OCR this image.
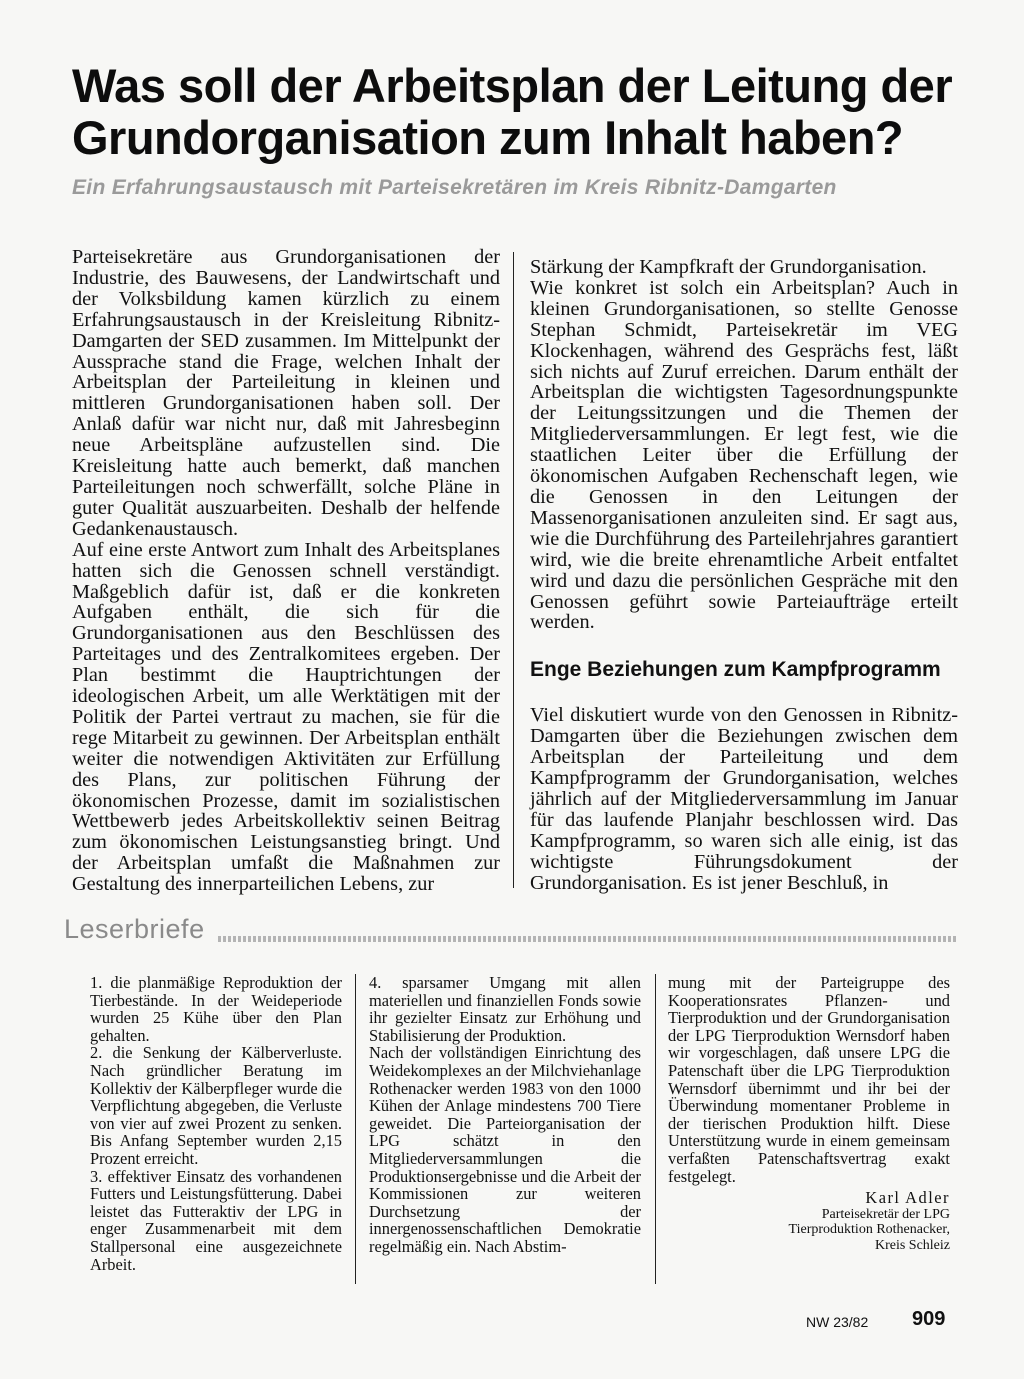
Was soll der Arbeitsplan der Leitung der Grundorganisation zum Inhalt haben?
Ein Erfahrungsaustausch mit Parteisekretären im Kreis Ribnitz-Damgarten

Parteisekretäre aus Grundorganisationen der Industrie, des Bauwesens, der Landwirtschaft und der Volksbildung kamen kürzlich zu einem Erfahrungsaustausch in der Kreisleitung Ribnitz-Damgarten der SED zusammen. Im Mittelpunkt der Aussprache stand die Frage, welchen Inhalt der Arbeitsplan der Parteileitung in kleinen und mittleren Grundorganisationen haben soll. Der Anlaß dafür war nicht nur, daß mit Jahresbeginn neue Arbeitspläne aufzustellen sind. Die Kreisleitung hatte auch bemerkt, daß manchen Parteileitungen noch schwerfällt, solche Pläne in guter Qualität auszuarbeiten. Deshalb der helfende Gedankenaustausch.

Auf eine erste Antwort zum Inhalt des Arbeitsplanes hatten sich die Genossen schnell verständigt. Maßgeblich dafür ist, daß er die konkreten Aufgaben enthält, die sich für die Grundorganisationen aus den Beschlüssen des Parteitages und des Zentralkomitees ergeben. Der Plan bestimmt die Hauptrichtungen der ideologischen Arbeit, um alle Werktätigen mit der Politik der Partei vertraut zu machen, sie für die rege Mitarbeit zu gewinnen. Der Arbeitsplan enthält weiter die notwendigen Aktivitäten zur Erfüllung des Plans, zur politischen Führung der ökonomischen Prozesse, damit im sozialistischen Wettbewerb jedes Arbeitskollektiv seinen Beitrag zum ökonomischen Leistungsanstieg bringt. Und der Arbeitsplan umfaßt die Maßnahmen zur Gestaltung des innerparteilichen Lebens, zur

Stärkung der Kampfkraft der Grundorganisation.

Wie konkret ist solch ein Arbeitsplan? Auch in kleinen Grundorganisationen, so stellte Genosse Stephan Schmidt, Parteisekretär im VEG Klockenhagen, während des Gesprächs fest, läßt sich nichts auf Zuruf erreichen. Darum enthält der Arbeitsplan die wichtigsten Tagesordnungspunkte der Leitungssitzungen und die Themen der Mitgliederversammlungen. Er legt fest, wie die staatlichen Leiter über die Erfüllung der ökonomischen Aufgaben Rechenschaft legen, wie die Genossen in den Leitungen der Massenorganisationen anzuleiten sind. Er sagt aus, wie die Durchführung des Parteilehrjahres garantiert wird, wie die breite ehrenamtliche Arbeit entfaltet wird und dazu die persönlichen Gespräche mit den Genossen geführt sowie Parteiaufträge erteilt werden.

Enge Beziehungen zum Kampfprogramm

Viel diskutiert wurde von den Genossen in Ribnitz-Damgarten über die Beziehungen zwischen dem Arbeitsplan der Parteileitung und dem Kampfprogramm der Grundorganisation, welches jährlich auf der Mitgliederversammlung im Januar für das laufende Planjahr beschlossen wird. Das Kampfprogramm, so waren sich alle einig, ist das wichtigste Führungsdokument der Grundorganisation. Es ist jener Beschluß, in

Leserbriefe

1. die planmäßige Reproduktion der Tierbestände. In der Weideperiode wurden 25 Kühe über den Plan gehalten.

2. die Senkung der Kälberverluste. Nach gründlicher Beratung im Kollektiv der Kälberpfleger wurde die Verpflichtung abgegeben, die Verluste von vier auf zwei Prozent zu senken. Bis Anfang September wurden 2,15 Prozent erreicht.

3. effektiver Einsatz des vorhandenen Futters und Leistungsfütterung. Dabei leistet das Futteraktiv der LPG in enger Zusammenarbeit mit dem Stallpersonal eine ausgezeichnete Arbeit.

4. sparsamer Umgang mit allen materiellen und finanziellen Fonds sowie ihr gezielter Einsatz zur Erhöhung und Stabilisierung der Produktion.

Nach der vollständigen Einrichtung des Weidekomplexes an der Milchviehanlage Rothenacker werden 1983 von den 1000 Kühen der Anlage mindestens 700 Tiere geweidet. Die Parteiorganisation der LPG schätzt in den Mitgliederversammlungen die Produktionsergebnisse und die Arbeit der Kommissionen zur weiteren Durchsetzung der innergenossenschaftlichen Demokratie regelmäßig ein. Nach Abstim-

mung mit der Parteigruppe des Kooperationsrates Pflanzen- und Tierproduktion und der Grundorganisation der LPG Tierproduktion Wernsdorf haben wir vorgeschlagen, daß unsere LPG die Patenschaft über die LPG Tierproduktion Wernsdorf übernimmt und ihr bei der Überwindung momentaner Probleme in der tierischen Produktion hilft. Diese Unterstützung wurde in einem gemeinsam verfaßten Patenschaftsvertrag exakt festgelegt.

Karl Adler
Parteisekretär der LPG
Tierproduktion Rothenacker,
Kreis Schleiz
NW 23/82 909
